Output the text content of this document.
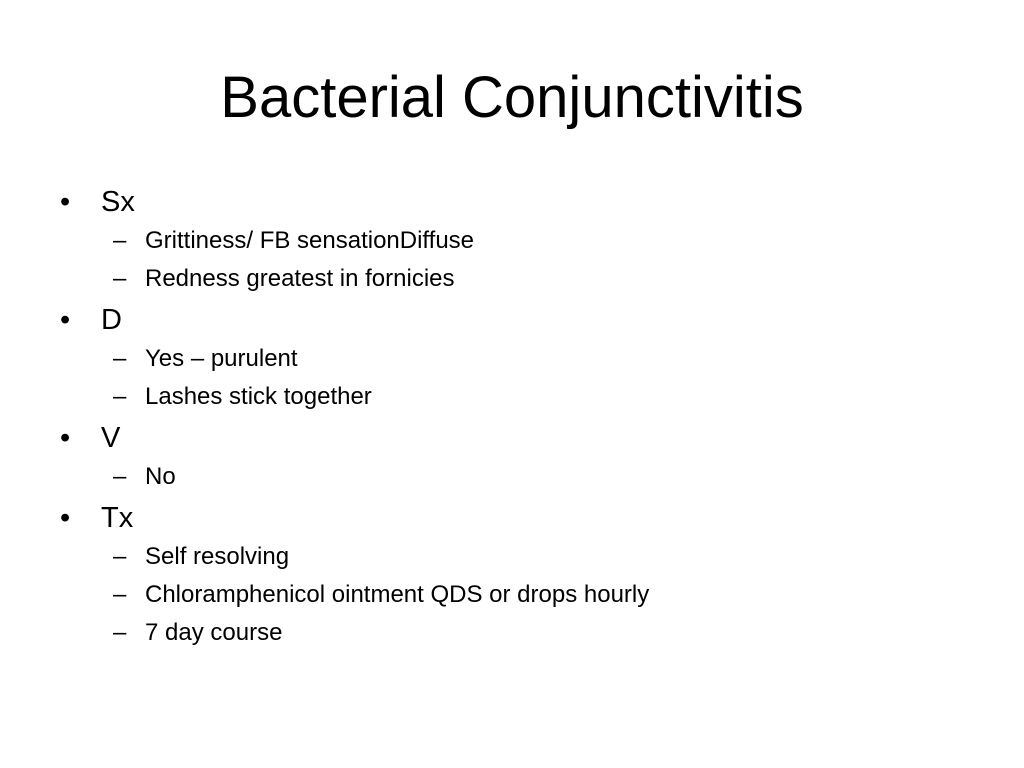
Bacterial Conjunctivitis
• Sx
– Grittiness/ FB sensationDiffuse
– Redness greatest in fornicies
• D
– Yes – purulent
– Lashes stick together
• V
– No
• Tx
– Self resolving
– Chloramphenicol ointment QDS or drops hourly
– 7 day course
